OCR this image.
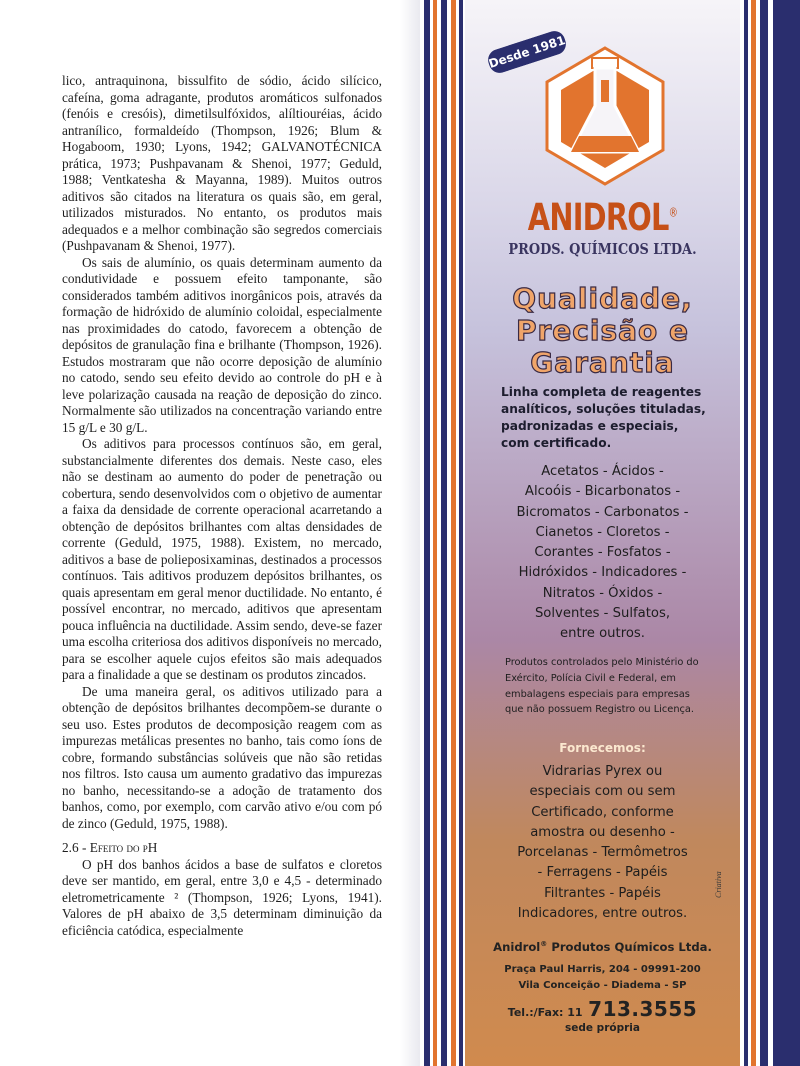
lico, antraquinona, bissulfito de sódio, ácido silícico, cafeína, goma adragante, produtos aromáticos sulfonados (fenóis e cresóis), dimetilsulfóxidos, alíltiouréias, ácido antranílico, formaldeído (Thompson, 1926; Blum & Hogaboom, 1930; Lyons, 1942; GALVANOTÉCNICA prática, 1973; Pushpavanam & Shenoi, 1977; Geduld, 1988; Ventkatesha & Mayanna, 1989). Muitos outros aditivos são citados na literatura os quais são, em geral, utilizados misturados. No entanto, os produtos mais adequados e a melhor combinação são segredos comerciais (Pushpavanam & Shenoi, 1977).

Os sais de alumínio, os quais determinam aumento da condutividade e possuem efeito tamponante, são considerados também aditivos inorgânicos pois, através da formação de hidróxido de alumínio coloidal, especialmente nas proximidades do catodo, favorecem a obtenção de depósitos de granulação fina e brilhante (Thompson, 1926). Estudos mostraram que não ocorre deposição de alumínio no catodo, sendo seu efeito devido ao controle do pH e à leve polarização causada na reação de deposição do zinco. Normalmente são utilizados na concentração variando entre 15 g/L e 30 g/L.

Os aditivos para processos contínuos são, em geral, substancialmente diferentes dos demais. Neste caso, eles não se destinam ao aumento do poder de penetração ou cobertura, sendo desenvolvidos com o objetivo de aumentar a faixa da densidade de corrente operacional acarretando a obtenção de depósitos brilhantes com altas densidades de corrente (Geduld, 1975, 1988). Existem, no mercado, aditivos a base de polieposixaminas, destinados a processos contínuos. Tais aditivos produzem depósitos brilhantes, os quais apresentam em geral menor ductilidade. No entanto, é possível encontrar, no mercado, aditivos que apresentam pouca influência na ductilidade. Assim sendo, deve-se fazer uma escolha criteriosa dos aditivos disponíveis no mercado, para se escolher aquele cujos efeitos são mais adequados para a finalidade a que se destinam os produtos zincados.

De uma maneira geral, os aditivos utilizado para a obtenção de depósitos brilhantes decompõem-se durante o seu uso. Estes produtos de decomposição reagem com as impurezas metálicas presentes no banho, tais como íons de cobre, formando substâncias solúveis que não são retidas nos filtros. Isto causa um aumento gradativo das impurezas no banho, necessitando-se a adoção de tratamento dos banhos, como, por exemplo, com carvão ativo e/ou com pó de zinco (Geduld, 1975, 1988).

2.6 - Efeito do pH

O pH dos banhos ácidos a base de sulfatos e cloretos deve ser mantido, em geral, entre 3,0 e 4,5 - determinado eletrometricamente ² (Thompson, 1926; Lyons, 1941). Valores de pH abaixo de 3,5 determinam diminuição da eficiência catódica, especialmente

Desde 1981
ANIDROL®
PRODS. QUÍMICOS LTDA.
Qualidade,
Precisão e
Garantia
Linha completa de reagentes analíticos, soluções tituladas, padronizadas e especiais, com certificado.
Acetatos - Ácidos -
Alcoóis - Bicarbonatos -
Bicromatos - Carbonatos -
Cianetos - Cloretos -
Corantes - Fosfatos -
Hidróxidos - Indicadores -
Nitratos - Óxidos -
Solventes - Sulfatos,
entre outros.
Produtos controlados pelo Ministério do Exército, Polícia Civil e Federal, em embalagens especiais para empresas que não possuem Registro ou Licença.
Fornecemos:
Vidrarias Pyrex ou
especiais com ou sem
Certificado, conforme
amostra ou desenho -
Porcelanas - Termômetros
- Ferragens - Papéis
Filtrantes - Papéis
Indicadores, entre outros.
Criativa
Anidrol® Produtos Químicos Ltda.
Praça Paul Harris, 204 - 09991-200
Vila Conceição - Diadema - SP
Tel.:/Fax: 11 713.3555
sede própria
